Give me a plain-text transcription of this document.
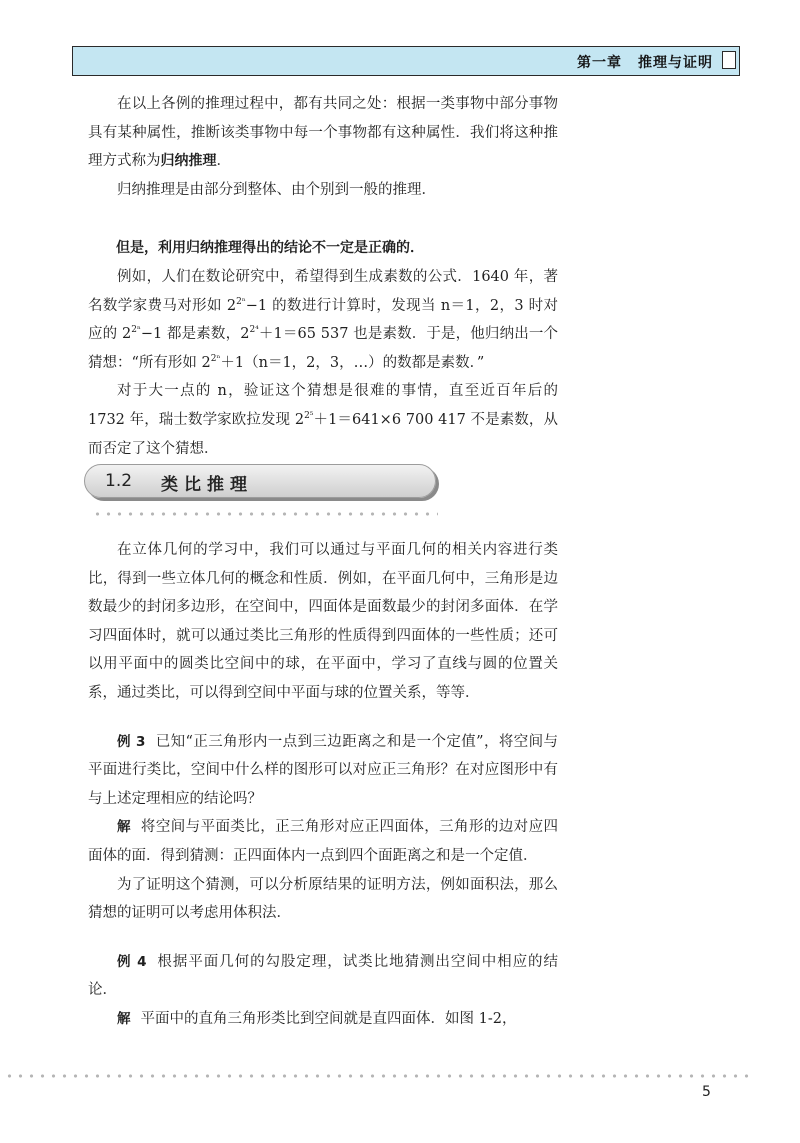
第一章 推理与证明

在以上各例的推理过程中，都有共同之处：根据一类事物中部分事物具有某种属性，推断该类事物中每一个事物都有这种属性．我们将这种推理方式称为归纳推理．

归纳推理是由部分到整体、由个别到一般的推理．

但是，利用归纳推理得出的结论不一定是正确的．

例如，人们在数论研究中，希望得到生成素数的公式．1640 年，著名数学家费马对形如 $2^{2^n}-1$ 的数进行计算时，发现当 n＝1，2，3 时对应的 $2^{2^n}-1$ 都是素数，$2^{2^4}+1=65$ 537 也是素数．于是，他归纳出一个猜想：“所有形如 $2^{2^n}+1(n=1$，2，3，…）的数都是素数．”

对于大一点的 n，验证这个猜想是很难的事情，直至近百年后的 1732 年，瑞士数学家欧拉发现 $2^{2^5}+1=641\times 6$ 700 417 不是素数，从而否定了这个猜想．

1.2 类比推理

在立体几何的学习中，我们可以通过与平面几何的相关内容进行类比，得到一些立体几何的概念和性质．例如，在平面几何中，三角形是边数最少的封闭多边形，在空间中，四面体是面数最少的封闭多面体．在学习四面体时，就可以通过类比三角形的性质得到四面体的一些性质；还可以用平面中的圆类比空间中的球，在平面中，学习了直线与圆的位置关系，通过类比，可以得到空间中平面与球的位置关系，等等．

例 3 已知“正三角形内一点到三边距离之和是一个定值”，将空间与平面进行类比，空间中什么样的图形可以对应正三角形？在对应图形中有与上述定理相应的结论吗？

解 将空间与平面类比，正三角形对应正四面体，三角形的边对应四面体的面．得到猜测：正四面体内一点到四个面距离之和是一个定值．

为了证明这个猜测，可以分析原结果的证明方法，例如面积法，那么猜想的证明可以考虑用体积法．

例 4 根据平面几何的勾股定理，试类比地猜测出空间中相应的结论．

解 平面中的直角三角形类比到空间就是直四面体．如图 1-2，

5
